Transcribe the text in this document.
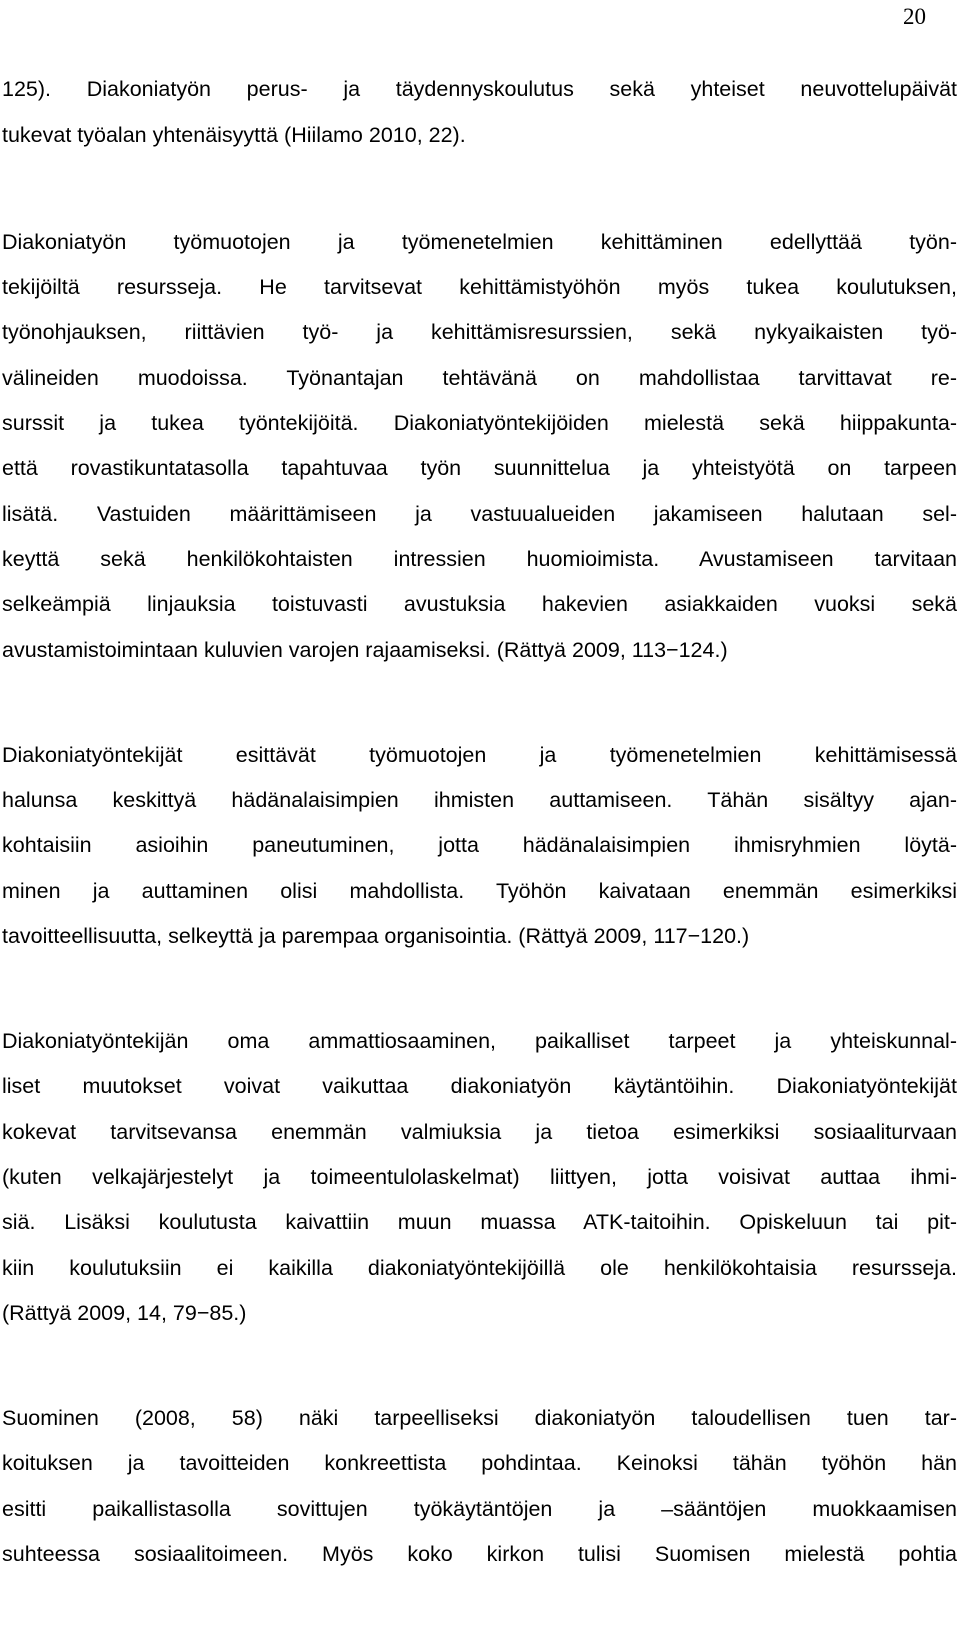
20
125). Diakoniatyön perus- ja täydennyskoulutus sekä yhteiset neuvottelupäivät
tukevat työalan yhtenäisyyttä (Hiilamo 2010, 22).
Diakoniatyön työmuotojen ja työmenetelmien kehittäminen edellyttää työn-
tekijöiltä resursseja. He tarvitsevat kehittämistyöhön myös tukea koulutuksen,
työnohjauksen, riittävien työ- ja kehittämisresurssien, sekä nykyaikaisten työ-
välineiden muodoissa. Työnantajan tehtävänä on mahdollistaa tarvittavat re-
surssit ja tukea työntekijöitä. Diakoniatyöntekijöiden mielestä sekä hiippakunta-
että rovastikuntatasolla tapahtuvaa työn suunnittelua ja yhteistyötä on tarpeen
lisätä. Vastuiden määrittämiseen ja vastuualueiden jakamiseen halutaan sel-
keyttä sekä henkilökohtaisten intressien huomioimista. Avustamiseen tarvitaan
selkeämpiä linjauksia toistuvasti avustuksia hakevien asiakkaiden vuoksi sekä
avustamistoimintaan kuluvien varojen rajaamiseksi. (Rättyä 2009, 113−124.)
Diakoniatyöntekijät esittävät työmuotojen ja työmenetelmien kehittämisessä
halunsa keskittyä hädänalaisimpien ihmisten auttamiseen. Tähän sisältyy ajan-
kohtaisiin asioihin paneutuminen, jotta hädänalaisimpien ihmisryhmien löytä-
minen ja auttaminen olisi mahdollista. Työhön kaivataan enemmän esimerkiksi
tavoitteellisuutta, selkeyttä ja parempaa organisointia. (Rättyä 2009, 117−120.)
Diakoniatyöntekijän oma ammattiosaaminen, paikalliset tarpeet ja yhteiskunnal-
liset muutokset voivat vaikuttaa diakoniatyön käytäntöihin. Diakoniatyöntekijät
kokevat tarvitsevansa enemmän valmiuksia ja tietoa esimerkiksi sosiaaliturvaan
(kuten velkajärjestelyt ja toimeentulolaskelmat) liittyen, jotta voisivat auttaa ihmi-
siä. Lisäksi koulutusta kaivattiin muun muassa ATK-taitoihin. Opiskeluun tai pit-
kiin koulutuksiin ei kaikilla diakoniatyöntekijöillä ole henkilökohtaisia resursseja.
(Rättyä 2009, 14, 79−85.)
Suominen (2008, 58) näki tarpeelliseksi diakoniatyön taloudellisen tuen tar-
koituksen ja tavoitteiden konkreettista pohdintaa. Keinoksi tähän työhön hän
esitti paikallistasolla sovittujen työkäytäntöjen ja –sääntöjen muokkaamisen
suhteessa sosiaalitoimeen. Myös koko kirkon tulisi Suomisen mielestä pohtia
